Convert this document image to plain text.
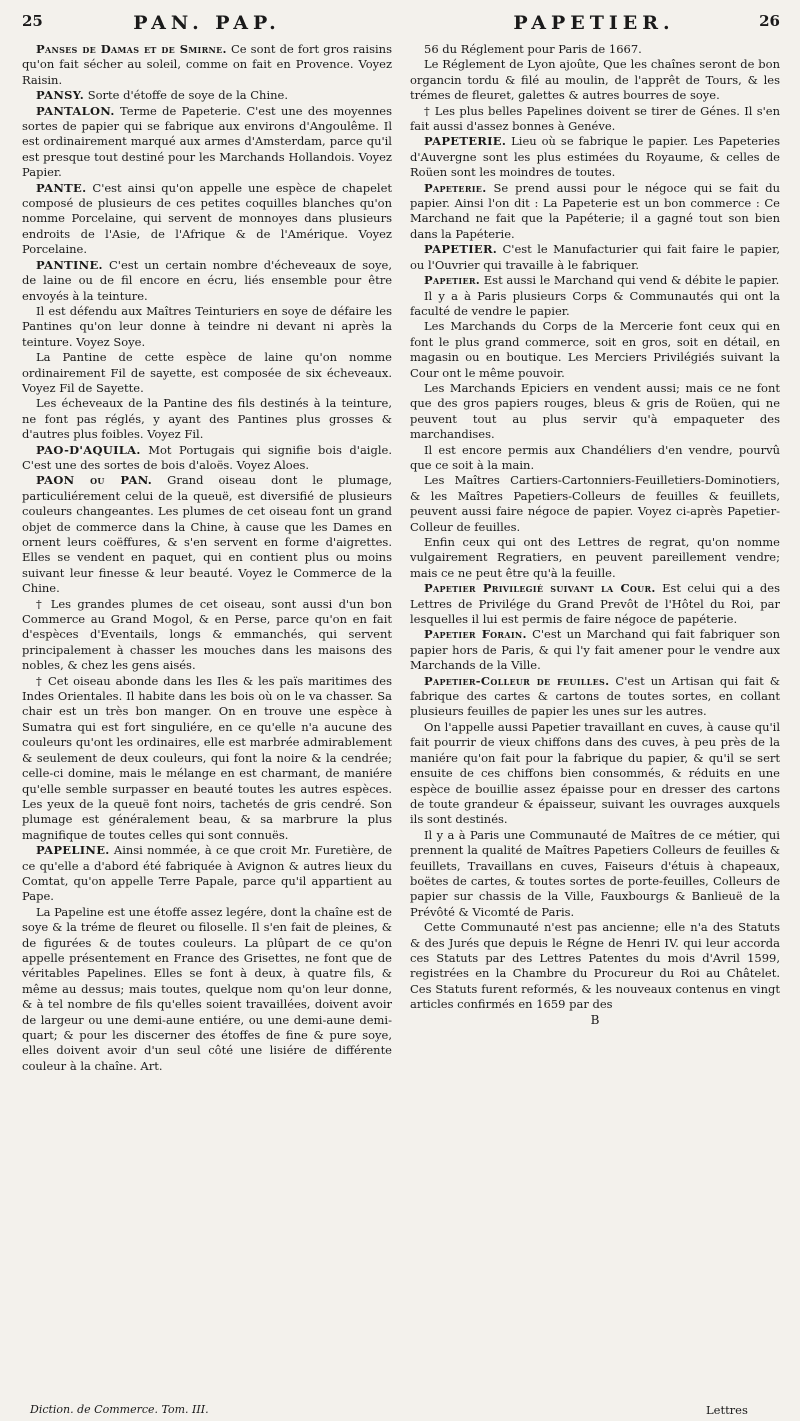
25	PAN. PAP.	PAPETIER.	26

Panses de Damas et de Smirne. Ce sont de fort gros raisins qu'on fait sécher au soleil, comme on fait en Provence. Voyez Raisin.

PANSY. Sorte d'étoffe de soye de la Chine.

PANTALON. Terme de Papeterie. C'est une des moyennes sortes de papier qui se fabrique aux environs d'Angoulême. Il est ordinairement marqué aux armes d'Amsterdam, parce qu'il est presque tout destiné pour les Marchands Hollandois. Voyez Papier.

PANTE. C'est ainsi qu'on appelle une espèce de chapelet composé de plusieurs de ces petites coquilles blanches qu'on nomme Porcelaine, qui servent de monnoyes dans plusieurs endroits de l'Asie, de l'Afrique & de l'Amérique. Voyez Porcelaine.

PANTINE. C'est un certain nombre d'écheveaux de soye, de laine ou de fil encore en écru, liés ensemble pour être envoyés à la teinture.

Il est défendu aux Maîtres Teinturiers en soye de défaire les Pantines qu'on leur donne à teindre ni devant ni après la teinture. Voyez Soye.

La Pantine de cette espèce de laine qu'on nomme ordinairement Fil de sayette, est composée de six écheveaux. Voyez Fil de Sayette.

Les écheveaux de la Pantine des fils destinés à la teinture, ne font pas réglés, y ayant des Pantines plus grosses & d'autres plus foibles. Voyez Fil.

PAO-D'AQUILA. Mot Portugais qui signifie bois d'aigle. C'est une des sortes de bois d'aloës. Voyez Aloes.

PAON ou PAN. Grand oiseau dont le plumage, particuliérement celui de la queuë, est diversifié de plusieurs couleurs changeantes. Les plumes de cet oiseau font un grand objet de commerce dans la Chine, à cause que les Dames en ornent leurs coëffures, & s'en servent en forme d'aigrettes. Elles se vendent en paquet, qui en contient plus ou moins suivant leur finesse & leur beauté. Voyez le Commerce de la Chine.

† Les grandes plumes de cet oiseau, sont aussi d'un bon Commerce au Grand Mogol, & en Perse, parce qu'on en fait d'espèces d'Eventails, longs & emmanchés, qui servent principalement à chasser les mouches dans les maisons des nobles, & chez les gens aisés.

† Cet oiseau abonde dans les Iles & les païs maritimes des Indes Orientales. Il habite dans les bois où on le va chasser. Sa chair est un très bon manger. On en trouve une espèce à Sumatra qui est fort singuliére, en ce qu'elle n'a aucune des couleurs qu'ont les ordinaires, elle est marbrée admirablement & seulement de deux couleurs, qui font la noire & la cendrée; celle-ci domine, mais le mélange en est charmant, de maniére qu'elle semble surpasser en beauté toutes les autres espèces. Les yeux de la queuë font noirs, tachetés de gris cendré. Son plumage est généralement beau, & sa marbrure la plus magnifique de toutes celles qui sont connuës.

PAPELINE. Ainsi nommée, à ce que croit Mr. Furetière, de ce qu'elle a d'abord été fabriquée à Avignon & autres lieux du Comtat, qu'on appelle Terre Papale, parce qu'il appartient au Pape.

La Papeline est une étoffe assez legére, dont la chaîne est de soye & la tréme de fleuret ou filoselle. Il s'en fait de pleines, & de figurées & de toutes couleurs. La plûpart de ce qu'on appelle présentement en France des Grisettes, ne font que de véritables Papelines. Elles se font à deux, à quatre fils, & même au dessus; mais toutes, quelque nom qu'on leur donne, & à tel nombre de fils qu'elles soient travaillées, doivent avoir de largeur ou une demi-aune entiére, ou une demi-aune demi-quart; & pour les discerner des étoffes de fine & pure soye, elles doivent avoir d'un seul côté une lisiére de différente couleur à la chaîne. Art.

56 du Réglement pour Paris de 1667.

Le Réglement de Lyon ajoûte, Que les chaînes seront de bon organcin tordu & filé au moulin, de l'apprêt de Tours, & les trémes de fleuret, galettes & autres bourres de soye.

† Les plus belles Papelines doivent se tirer de Génes. Il s'en fait aussi d'assez bonnes à Genéve.

PAPETERIE. Lieu où se fabrique le papier. Les Papeteries d'Auvergne sont les plus estimées du Royaume, & celles de Roüen sont les moindres de toutes.

Papeterie. Se prend aussi pour le négoce qui se fait du papier. Ainsi l'on dit : La Papeterie est un bon commerce : Ce Marchand ne fait que la Papéterie; il a gagné tout son bien dans la Papéterie.

PAPETIER. C'est le Manufacturier qui fait faire le papier, ou l'Ouvrier qui travaille à le fabriquer.

Papetier. Est aussi le Marchand qui vend & débite le papier.

Il y a à Paris plusieurs Corps & Communautés qui ont la faculté de vendre le papier.

Les Marchands du Corps de la Mercerie font ceux qui en font le plus grand commerce, soit en gros, soit en détail, en magasin ou en boutique. Les Merciers Privilégiés suivant la Cour ont le même pouvoir.

Les Marchands Epiciers en vendent aussi; mais ce ne font que des gros papiers rouges, bleus & gris de Roüen, qui ne peuvent tout au plus servir qu'à empaqueter des marchandises.

Il est encore permis aux Chandéliers d'en vendre, pourvû que ce soit à la main.

Les Maîtres Cartiers-Cartonniers-Feuilletiers-Dominotiers, & les Maîtres Papetiers-Colleurs de feuilles & feuillets, peuvent aussi faire négoce de papier. Voyez ci-après Papetier-Colleur de feuilles.

Enfin ceux qui ont des Lettres de regrat, qu'on nomme vulgairement Regratiers, en peuvent pareillement vendre; mais ce ne peut être qu'à la feuille.

Papetier Privilegié suivant la Cour. Est celui qui a des Lettres de Privilége du Grand Prevôt de l'Hôtel du Roi, par lesquelles il lui est permis de faire négoce de papéterie.

Papetier Forain. C'est un Marchand qui fait fabriquer son papier hors de Paris, & qui l'y fait amener pour le vendre aux Marchands de la Ville.

Papetier-Colleur de feuilles. C'est un Artisan qui fait & fabrique des cartes & cartons de toutes sortes, en collant plusieurs feuilles de papier les unes sur les autres.

On l'appelle aussi Papetier travaillant en cuves, à cause qu'il fait pourrir de vieux chiffons dans des cuves, à peu près de la maniére qu'on fait pour la fabrique du papier, & qu'il se sert ensuite de ces chiffons bien consommés, & réduits en une espèce de bouillie assez épaisse pour en dresser des cartons de toute grandeur & épaisseur, suivant les ouvrages auxquels ils sont destinés.

Il y a à Paris une Communauté de Maîtres de ce métier, qui prennent la qualité de Maîtres Papetiers Colleurs de feuilles & feuillets, Travaillans en cuves, Faiseurs d'étuis à chapeaux, boëtes de cartes, & toutes sortes de porte-feuilles, Colleurs de papier sur chassis de la Ville, Fauxbourgs & Banlieuë de la Prévôté & Vicomté de Paris.

Cette Communauté n'est pas ancienne; elle n'a des Statuts & des Jurés que depuis le Régne de Henri IV. qui leur accorda ces Statuts par des Lettres Patentes du mois d'Avril 1599, registrées en la Chambre du Procureur du Roi au Châtelet. Ces Statuts furent reformés, & les nouveaux contenus en vingt articles confirmés en 1659 par des

B

Diction. de Commerce. Tom. III.	Lettres
